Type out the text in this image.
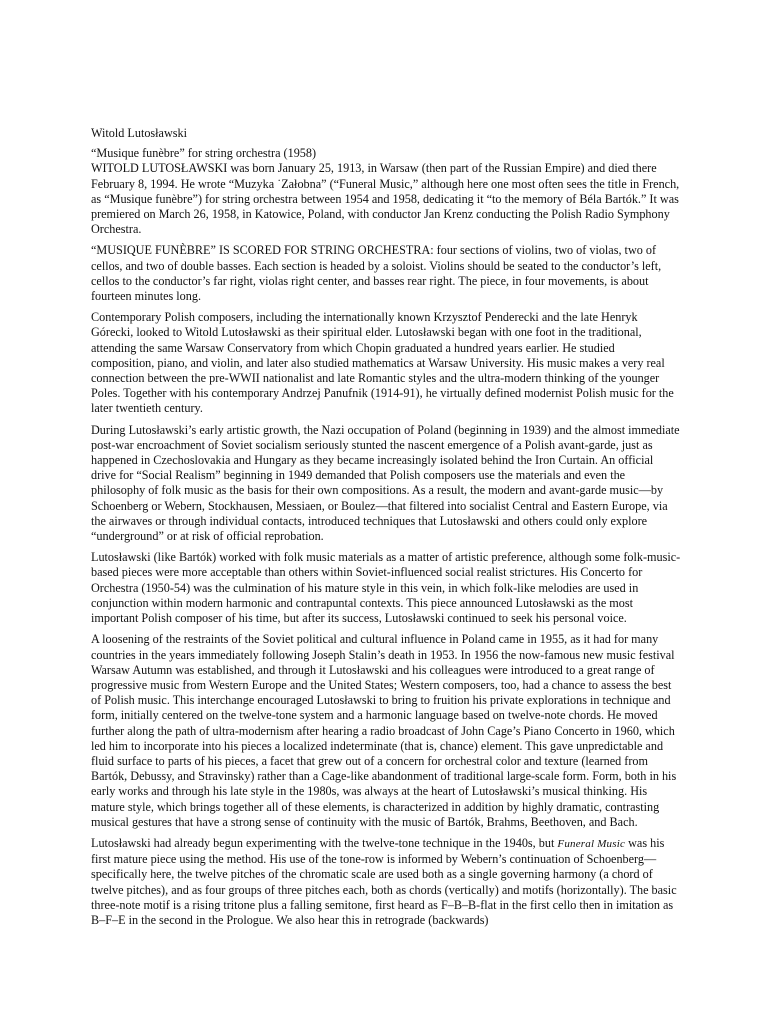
Witold Lutosławski

“Musique funèbre” for string orchestra (1958)

WITOLD LUTOSŁAWSKI was born January 25, 1913, in Warsaw (then part of the Russian Empire) and died there February 8, 1994. He wrote “Muzyka ˙Załobna” (“Funeral Music,” although here one most often sees the title in French, as “Musique funèbre”) for string orchestra between 1954 and 1958, dedicating it “to the memory of Béla Bartók.” It was premiered on March 26, 1958, in Katowice, Poland, with conductor Jan Krenz conducting the Polish Radio Symphony Orchestra.

“MUSIQUE FUNÈBRE” IS SCORED FOR STRING ORCHESTRA: four sections of violins, two of violas, two of cellos, and two of double basses. Each section is headed by a soloist. Violins should be seated to the conductor’s left, cellos to the conductor’s far right, violas right center, and basses rear right. The piece, in four movements, is about fourteen minutes long.

Contemporary Polish composers, including the internationally known Krzysztof Penderecki and the late Henryk Górecki, looked to Witold Lutosławski as their spiritual elder. Lutosławski began with one foot in the traditional, attending the same Warsaw Conservatory from which Chopin graduated a hundred years earlier. He studied composition, piano, and violin, and later also studied mathematics at Warsaw University. His music makes a very real connection between the pre-WWII nationalist and late Romantic styles and the ultra-modern thinking of the younger Poles. Together with his contemporary Andrzej Panufnik (1914-91), he virtually defined modernist Polish music for the later twentieth century.

During Lutosławski’s early artistic growth, the Nazi occupation of Poland (beginning in 1939) and the almost immediate post-war encroachment of Soviet socialism seriously stunted the nascent emergence of a Polish avant-garde, just as happened in Czechoslovakia and Hungary as they became increasingly isolated behind the Iron Curtain. An official drive for “Social Realism” beginning in 1949 demanded that Polish composers use the materials and even the philosophy of folk music as the basis for their own compositions. As a result, the modern and avant-garde music—by Schoenberg or Webern, Stockhausen, Messiaen, or Boulez—that filtered into socialist Central and Eastern Europe, via the airwaves or through individual contacts, introduced techniques that Lutosławski and others could only explore “underground” or at risk of official reprobation.

Lutosławski (like Bartók) worked with folk music materials as a matter of artistic preference, although some folk-music-based pieces were more acceptable than others within Soviet-influenced social realist strictures. His Concerto for Orchestra (1950-54) was the culmination of his mature style in this vein, in which folk-like melodies are used in conjunction within modern harmonic and contrapuntal contexts. This piece announced Lutosławski as the most important Polish composer of his time, but after its success, Lutosławski continued to seek his personal voice.

A loosening of the restraints of the Soviet political and cultural influence in Poland came in 1955, as it had for many countries in the years immediately following Joseph Stalin’s death in 1953. In 1956 the now-famous new music festival Warsaw Autumn was established, and through it Lutosławski and his colleagues were introduced to a great range of progressive music from Western Europe and the United States; Western composers, too, had a chance to assess the best of Polish music. This interchange encouraged Lutosławski to bring to fruition his private explorations in technique and form, initially centered on the twelve-tone system and a harmonic language based on twelve-note chords. He moved further along the path of ultra-modernism after hearing a radio broadcast of John Cage’s Piano Concerto in 1960, which led him to incorporate into his pieces a localized indeterminate (that is, chance) element. This gave unpredictable and fluid surface to parts of his pieces, a facet that grew out of a concern for orchestral color and texture (learned from Bartók, Debussy, and Stravinsky) rather than a Cage-like abandonment of traditional large-scale form. Form, both in his early works and through his late style in the 1980s, was always at the heart of Lutosławski’s musical thinking. His mature style, which brings together all of these elements, is characterized in addition by highly dramatic, contrasting musical gestures that have a strong sense of continuity with the music of Bartók, Brahms, Beethoven, and Bach.

Lutosławski had already begun experimenting with the twelve-tone technique in the 1940s, but Funeral Music was his first mature piece using the method. His use of the tone-row is informed by Webern’s continuation of Schoenberg—specifically here, the twelve pitches of the chromatic scale are used both as a single governing harmony (a chord of twelve pitches), and as four groups of three pitches each, both as chords (vertically) and motifs (horizontally). The basic three-note motif is a rising tritone plus a falling semitone, first heard as F–B–B-flat in the first cello then in imitation as B–F–E in the second in the Prologue. We also hear this in retrograde (backwards)
